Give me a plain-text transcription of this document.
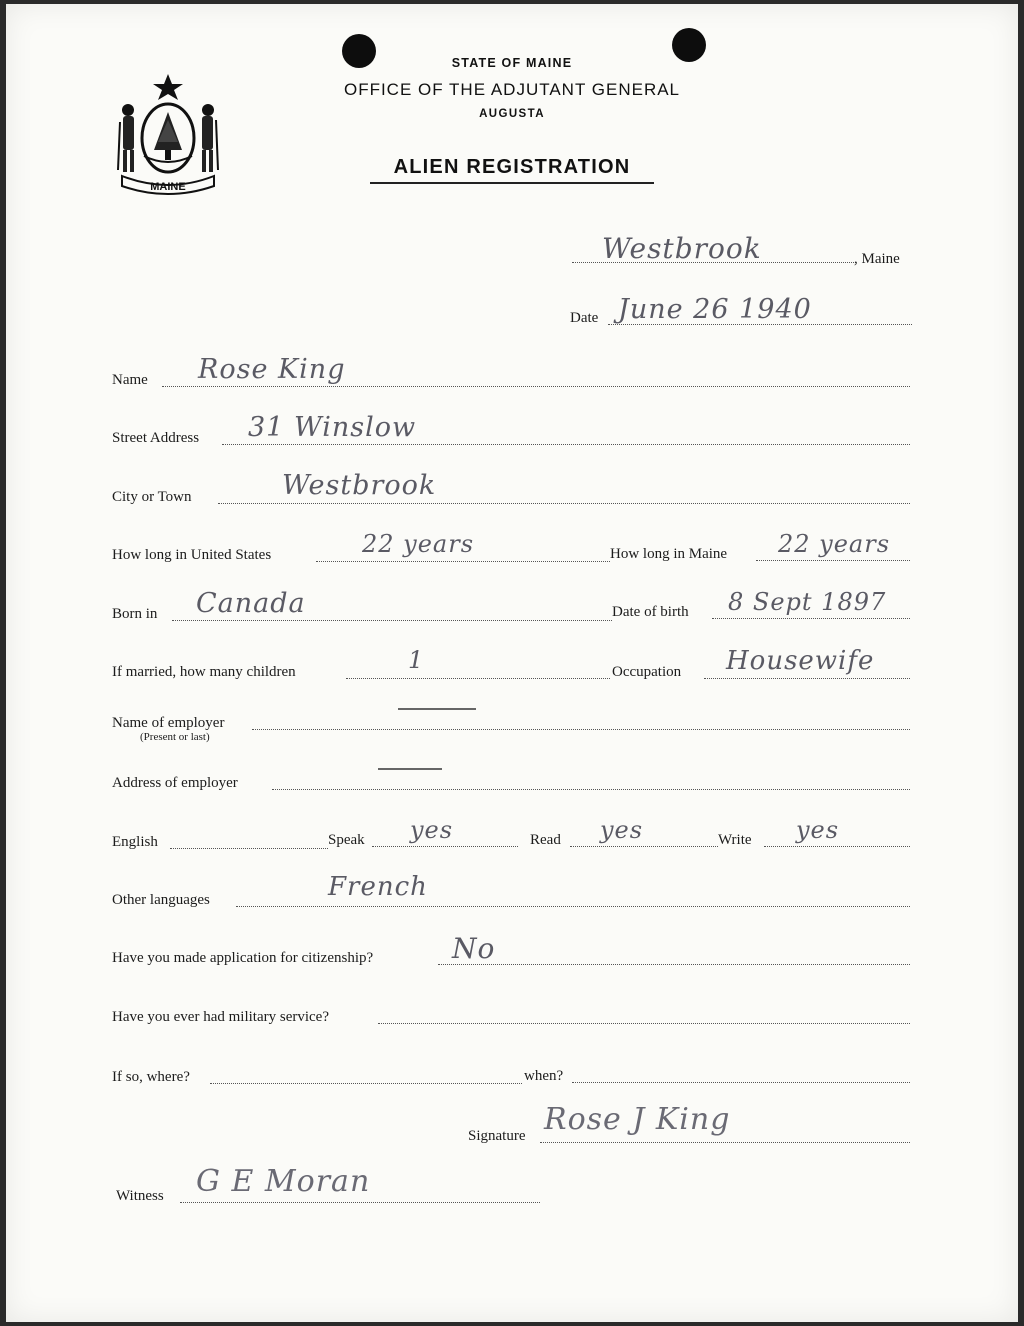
MAINE
STATE OF MAINE
OFFICE OF THE ADJUTANT GENERAL
AUGUSTA
ALIEN REGISTRATION
Westbrook	, Maine
Date June 26 1940
Name Rose King
Street Address 31 Winslow
City or Town	Westbrook
How long in United States	22 years	How long in Maine 22 years
Born in Canada	Date of birth 8 Sept 1897
If married, how many children	1	Occupation Housewife
Name of employer
(Present or last)
Address of employer
English	Speak yes	Read yes	Write yes
Other languages	French
Have you made application for citizenship?	No
Have you ever had military service?
If so, where?	when?
Signature Rose J King
Witness G E Moran
